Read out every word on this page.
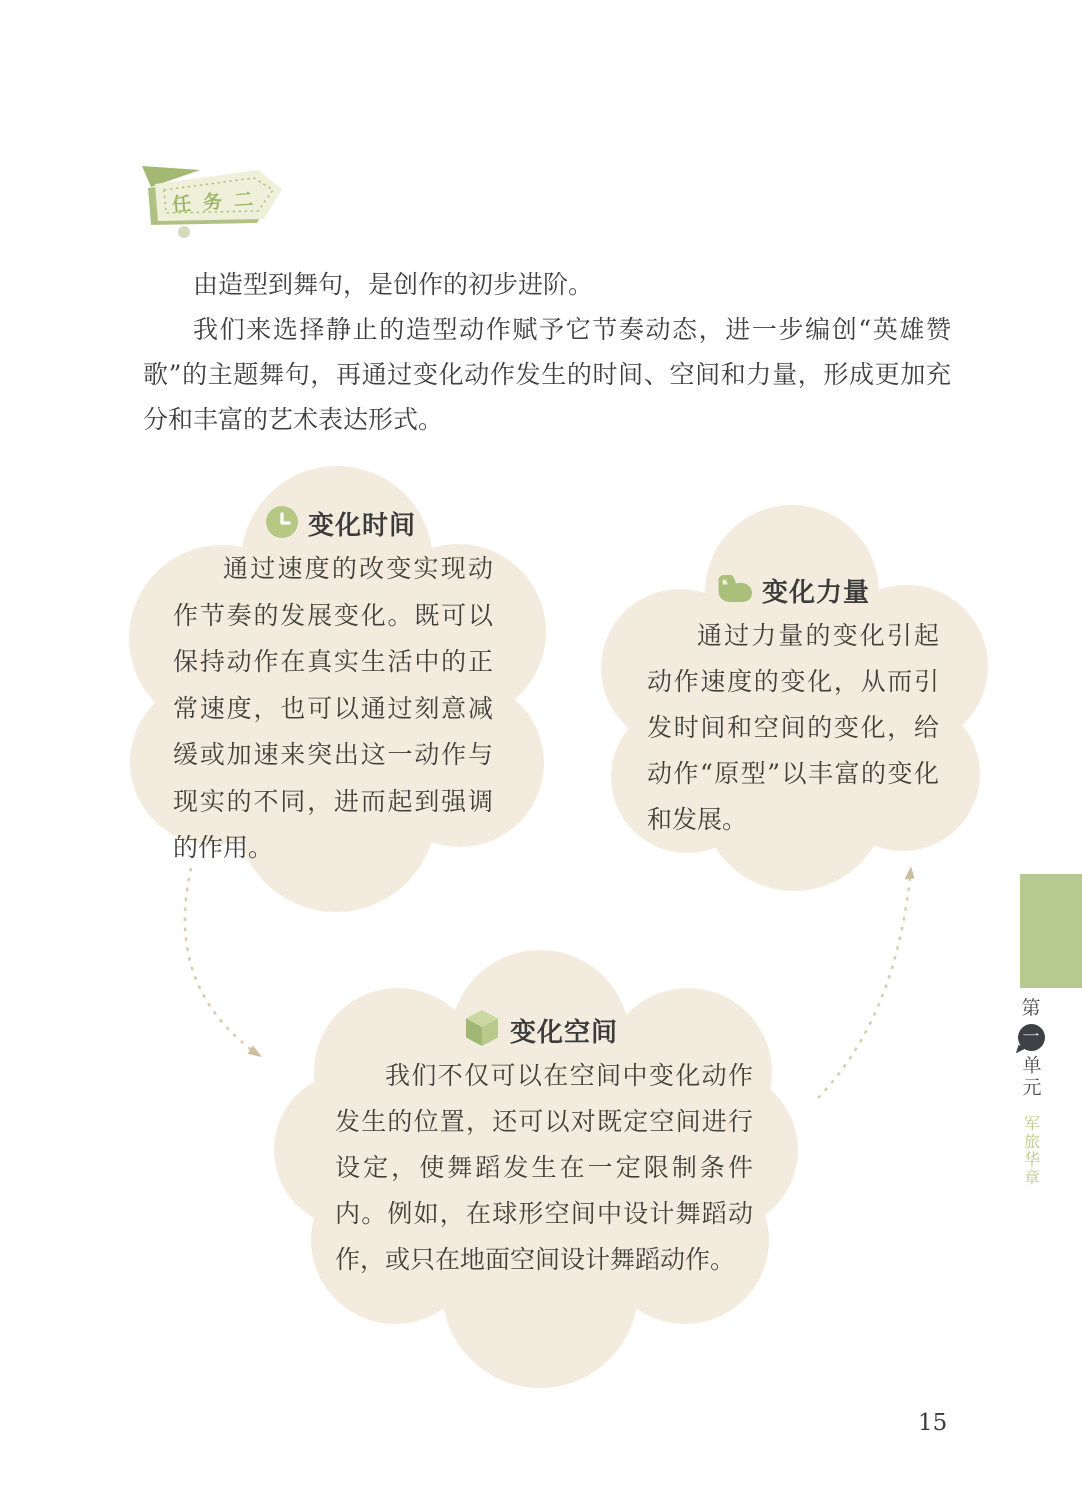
任务二

由造型到舞句，是创作的初步进阶。

我们来选择静止的造型动作赋予它节奏动态，进一步编创“英雄赞歌”的主题舞句，再通过变化动作发生的时间、空间和力量，形成更加充分和丰富的艺术表达形式。

变化时间
通过速度的改变实现动作节奏的发展变化。既可以保持动作在真实生活中的正常速度，也可以通过刻意减缓或加速来突出这一动作与现实的不同，进而起到强调的作用。
变化力量
通过力量的变化引起动作速度的变化，从而引发时间和空间的变化，给动作“原型”以丰富的变化和发展。
变化空间
我们不仅可以在空间中变化动作发生的位置，还可以对既定空间进行设定，使舞蹈发生在一定限制条件内。例如，在球形空间中设计舞蹈动作，或只在地面空间设计舞蹈动作。
第
一
单元
军旅华章
15
